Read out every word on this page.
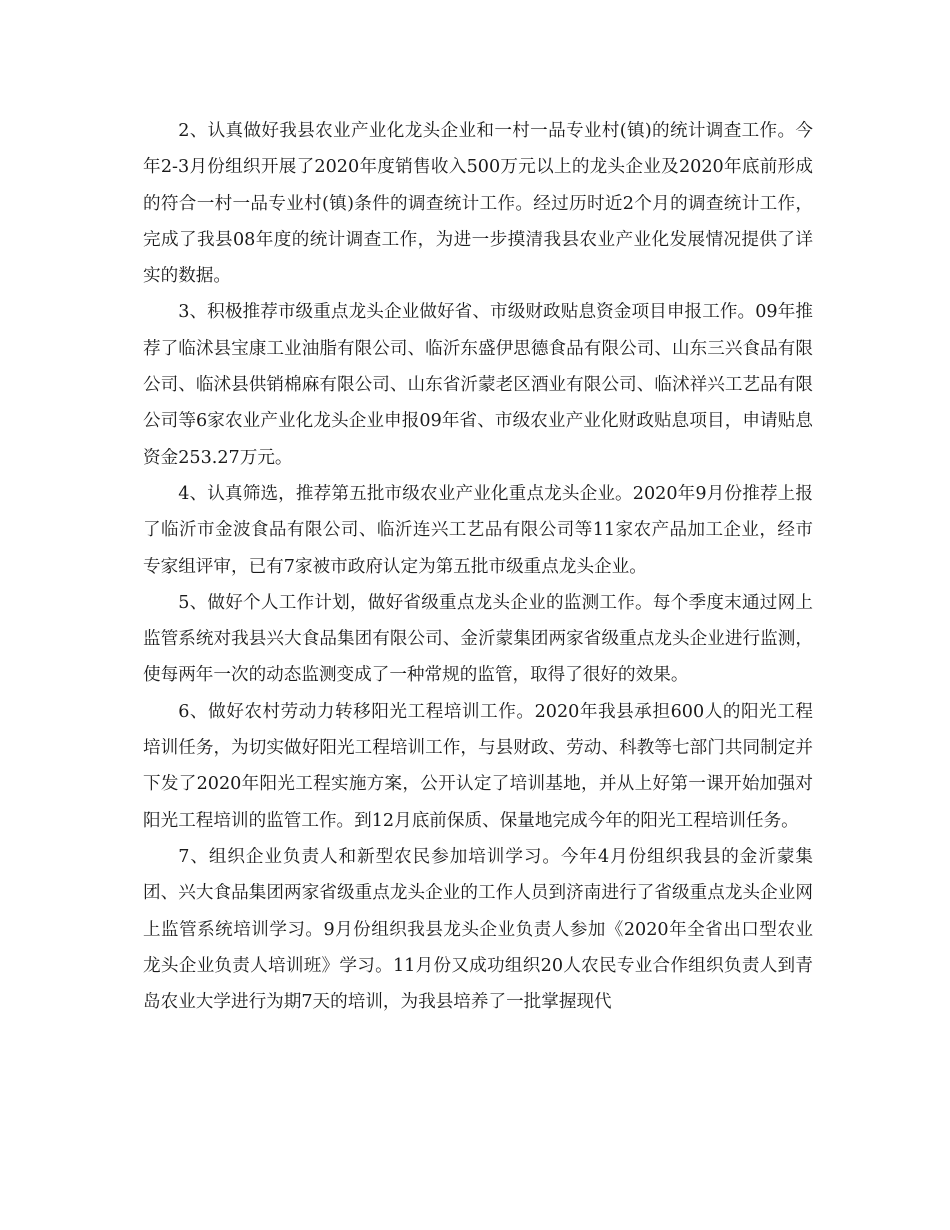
2、认真做好我县农业产业化龙头企业和一村一品专业村(镇)的统计调查工作。今年2-3月份组织开展了2020年度销售收入500万元以上的龙头企业及2020年底前形成的符合一村一品专业村(镇)条件的调查统计工作。经过历时近2个月的调查统计工作，完成了我县08年度的统计调查工作，为进一步摸清我县农业产业化发展情况提供了详实的数据。

3、积极推荐市级重点龙头企业做好省、市级财政贴息资金项目申报工作。09年推荐了临沭县宝康工业油脂有限公司、临沂东盛伊思德食品有限公司、山东三兴食品有限公司、临沭县供销棉麻有限公司、山东省沂蒙老区酒业有限公司、临沭祥兴工艺品有限公司等6家农业产业化龙头企业申报09年省、市级农业产业化财政贴息项目，申请贴息资金253.27万元。

4、认真筛选，推荐第五批市级农业产业化重点龙头企业。2020年9月份推荐上报了临沂市金波食品有限公司、临沂连兴工艺品有限公司等11家农产品加工企业，经市专家组评审，已有7家被市政府认定为第五批市级重点龙头企业。

5、做好个人工作计划，做好省级重点龙头企业的监测工作。每个季度末通过网上监管系统对我县兴大食品集团有限公司、金沂蒙集团两家省级重点龙头企业进行监测，使每两年一次的动态监测变成了一种常规的监管，取得了很好的效果。

6、做好农村劳动力转移阳光工程培训工作。2020年我县承担600人的阳光工程培训任务，为切实做好阳光工程培训工作，与县财政、劳动、科教等七部门共同制定并下发了2020年阳光工程实施方案，公开认定了培训基地，并从上好第一课开始加强对阳光工程培训的监管工作。到12月底前保质、保量地完成今年的阳光工程培训任务。

7、组织企业负责人和新型农民参加培训学习。今年4月份组织我县的金沂蒙集团、兴大食品集团两家省级重点龙头企业的工作人员到济南进行了省级重点龙头企业网上监管系统培训学习。9月份组织我县龙头企业负责人参加《2020年全省出口型农业龙头企业负责人培训班》学习。11月份又成功组织20人农民专业合作组织负责人到青岛农业大学进行为期7天的培训，为我县培养了一批掌握现代
